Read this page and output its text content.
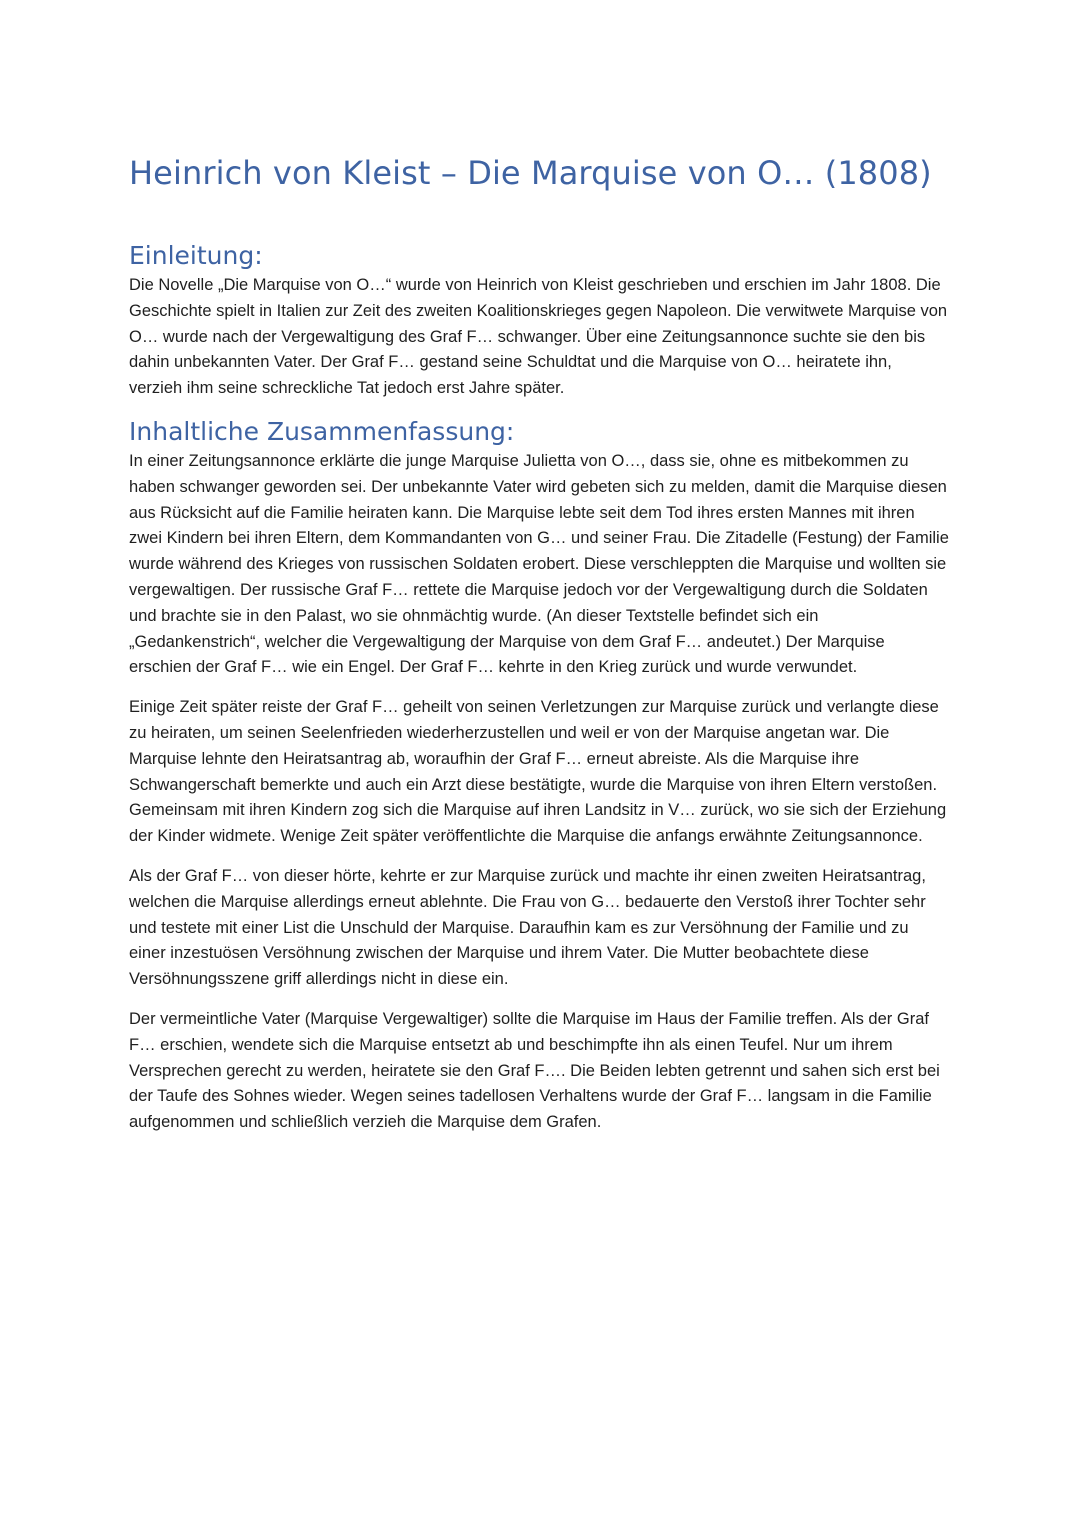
Heinrich von Kleist – Die Marquise von O… (1808)
Einleitung:

Die Novelle „Die Marquise von O…“ wurde von Heinrich von Kleist geschrieben und erschien im Jahr 1808. Die Geschichte spielt in Italien zur Zeit des zweiten Koalitionskrieges gegen Napoleon. Die verwitwete Marquise von O… wurde nach der Vergewaltigung des Graf F… schwanger. Über eine Zeitungsannonce suchte sie den bis dahin unbekannten Vater. Der Graf F… gestand seine Schuldtat und die Marquise von O… heiratete ihn, verzieh ihm seine schreckliche Tat jedoch erst Jahre später.

Inhaltliche Zusammenfassung:

In einer Zeitungsannonce erklärte die junge Marquise Julietta von O…, dass sie, ohne es mitbekommen zu haben schwanger geworden sei. Der unbekannte Vater wird gebeten sich zu melden, damit die Marquise diesen aus Rücksicht auf die Familie heiraten kann. Die Marquise lebte seit dem Tod ihres ersten Mannes mit ihren zwei Kindern bei ihren Eltern, dem Kommandanten von G… und seiner Frau. Die Zitadelle (Festung) der Familie wurde während des Krieges von russischen Soldaten erobert. Diese verschleppten die Marquise und wollten sie vergewaltigen. Der russische Graf F… rettete die Marquise jedoch vor der Vergewaltigung durch die Soldaten und brachte sie in den Palast, wo sie ohnmächtig wurde. (An dieser Textstelle befindet sich ein „Gedankenstrich“, welcher die Vergewaltigung der Marquise von dem Graf F… andeutet.) Der Marquise erschien der Graf F… wie ein Engel. Der Graf F… kehrte in den Krieg zurück und wurde verwundet.

Einige Zeit später reiste der Graf F… geheilt von seinen Verletzungen zur Marquise zurück und verlangte diese zu heiraten, um seinen Seelenfrieden wiederherzustellen und weil er von der Marquise angetan war. Die Marquise lehnte den Heiratsantrag ab, woraufhin der Graf F… erneut abreiste. Als die Marquise ihre Schwangerschaft bemerkte und auch ein Arzt diese bestätigte, wurde die Marquise von ihren Eltern verstoßen. Gemeinsam mit ihren Kindern zog sich die Marquise auf ihren Landsitz in V… zurück, wo sie sich der Erziehung der Kinder widmete. Wenige Zeit später veröffentlichte die Marquise die anfangs erwähnte Zeitungsannonce.

Als der Graf F… von dieser hörte, kehrte er zur Marquise zurück und machte ihr einen zweiten Heiratsantrag, welchen die Marquise allerdings erneut ablehnte. Die Frau von G… bedauerte den Verstoß ihrer Tochter sehr und testete mit einer List die Unschuld der Marquise. Daraufhin kam es zur Versöhnung der Familie und zu einer inzestuösen Versöhnung zwischen der Marquise und ihrem Vater. Die Mutter beobachtete diese Versöhnungsszene griff allerdings nicht in diese ein.

Der vermeintliche Vater (Marquise Vergewaltiger) sollte die Marquise im Haus der Familie treffen. Als der Graf F… erschien, wendete sich die Marquise entsetzt ab und beschimpfte ihn als einen Teufel. Nur um ihrem Versprechen gerecht zu werden, heiratete sie den Graf F…. Die Beiden lebten getrennt und sahen sich erst bei der Taufe des Sohnes wieder. Wegen seines tadellosen Verhaltens wurde der Graf F… langsam in die Familie aufgenommen und schließlich verzieh die Marquise dem Grafen.
